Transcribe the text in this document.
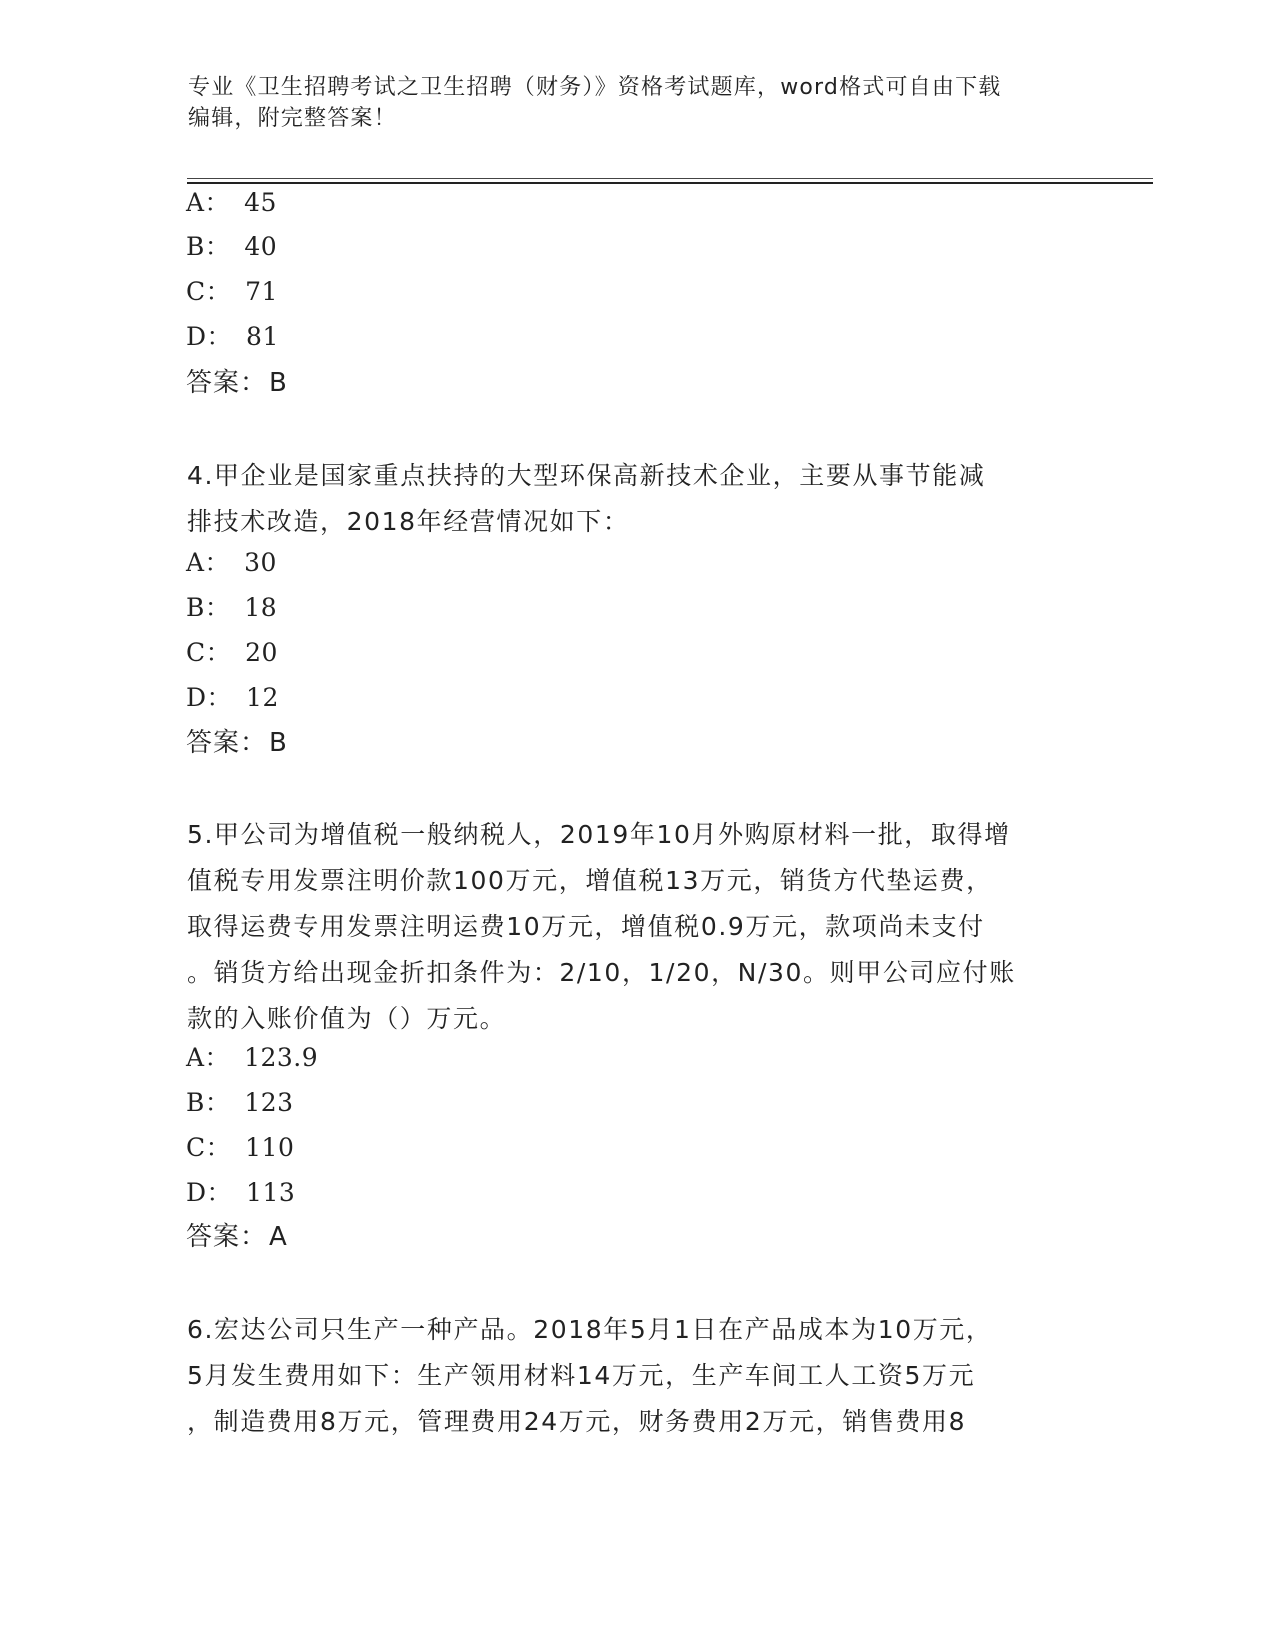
专业《卫生招聘考试之卫生招聘（财务）》资格考试题库，word格式可自由下载
编辑，附完整答案！
A： 45
B： 40
C： 71
D： 81
答案：B
4.甲企业是国家重点扶持的大型环保高新技术企业，主要从事节能减
排技术改造，2018年经营情况如下：
A： 30
B： 18
C： 20
D： 12
答案：B
5.甲公司为增值税一般纳税人，2019年10月外购原材料一批，取得增
值税专用发票注明价款100万元，增值税13万元，销货方代垫运费，
取得运费专用发票注明运费10万元，增值税0.9万元，款项尚未支付
。销货方给出现金折扣条件为：2/10，1/20，N/30。则甲公司应付账
款的入账价值为（）万元。
A： 123.9
B： 123
C： 110
D： 113
答案：A
6.宏达公司只生产一种产品。2018年5月1日在产品成本为10万元，
5月发生费用如下：生产领用材料14万元，生产车间工人工资5万元
，制造费用8万元，管理费用24万元，财务费用2万元，销售费用8
